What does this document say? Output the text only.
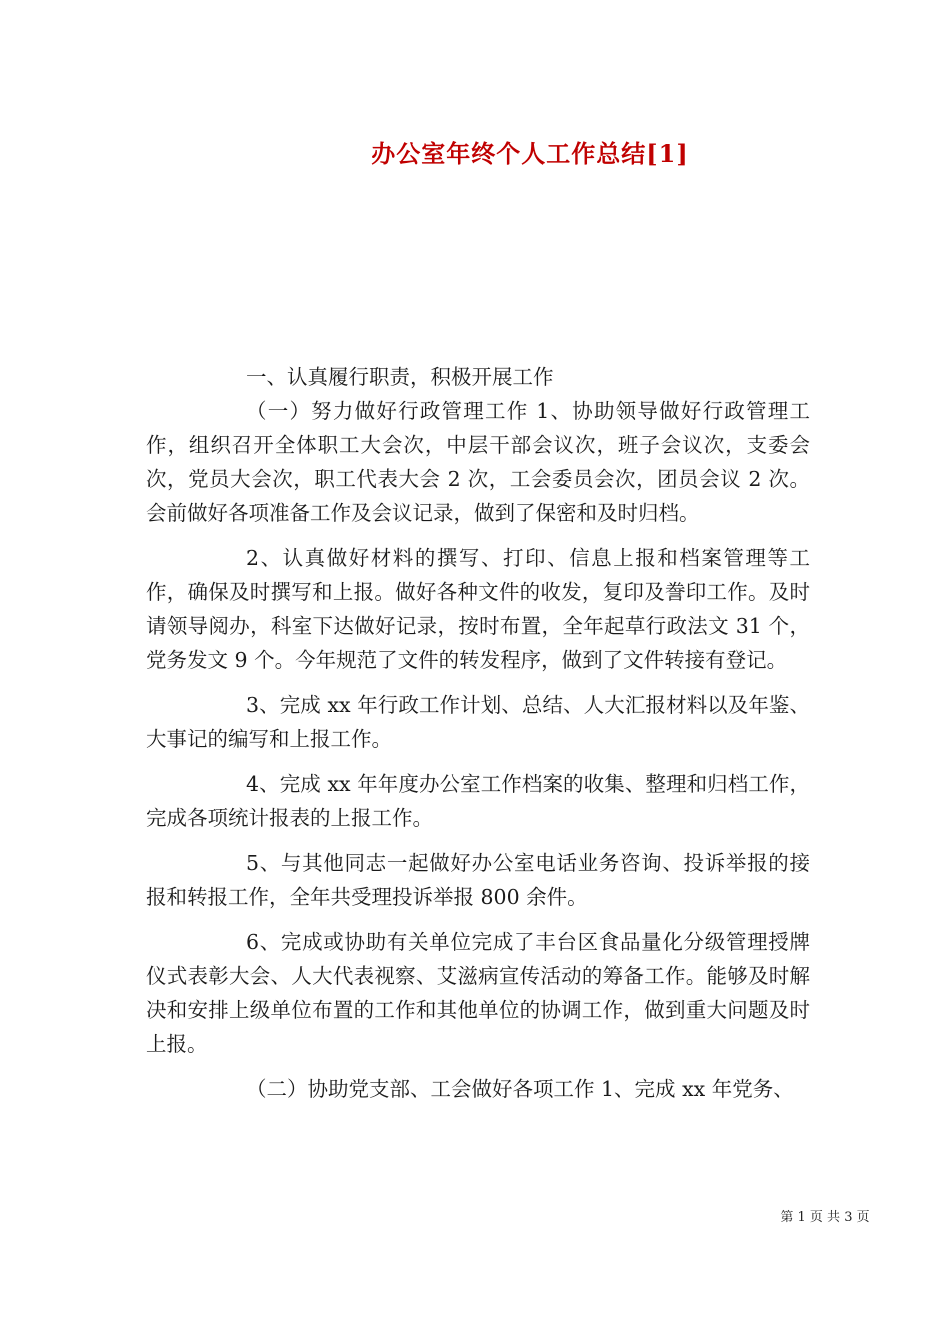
办公室年终个人工作总结[1]

一、认真履行职责，积极开展工作

（一）努力做好行政管理工作 1、协助领导做好行政管理工作，组织召开全体职工大会次，中层干部会议次，班子会议次，支委会次，党员大会次，职工代表大会 2 次，工会委员会次，团员会议 2 次。会前做好各项准备工作及会议记录，做到了保密和及时归档。

2、认真做好材料的撰写、打印、信息上报和档案管理等工作，确保及时撰写和上报。做好各种文件的收发，复印及誊印工作。及时请领导阅办，科室下达做好记录，按时布置，全年起草行政法文 31 个，党务发文 9 个。今年规范了文件的转发程序，做到了文件转接有登记。

3、完成 xx 年行政工作计划、总结、人大汇报材料以及年鉴、大事记的编写和上报工作。

4、完成 xx 年年度办公室工作档案的收集、整理和归档工作，完成各项统计报表的上报工作。

5、与其他同志一起做好办公室电话业务咨询、投诉举报的接报和转报工作，全年共受理投诉举报 800 余件。

6、完成或协助有关单位完成了丰台区食品量化分级管理授牌仪式表彰大会、人大代表视察、艾滋病宣传活动的筹备工作。能够及时解决和安排上级单位布置的工作和其他单位的协调工作，做到重大问题及时上报。

（二）协助党支部、工会做好各项工作 1、完成 xx 年党务、

第 1 页 共 3 页
